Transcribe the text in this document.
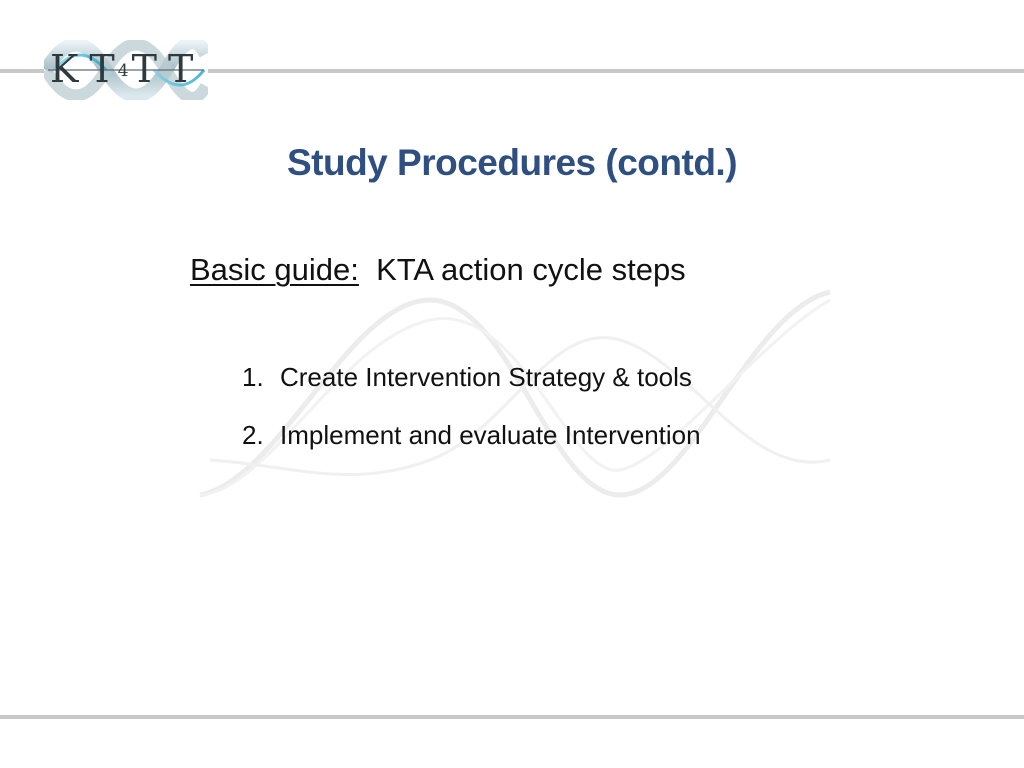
K T 4T T
Study Procedures (contd.)
Basic guide: KTA action cycle steps
1. Create Intervention Strategy & tools
2. Implement and evaluate Intervention
